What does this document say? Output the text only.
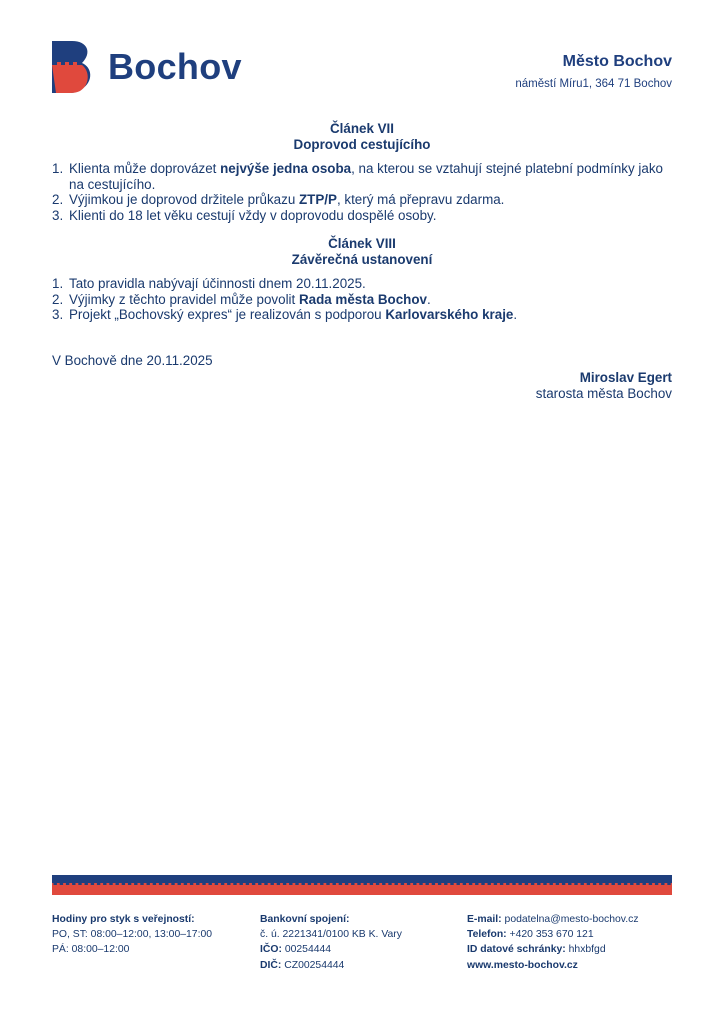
Bochov	Město Bochov
náměstí Míru1, 364 71 Bochov
Článek VII
Doprovod cestujícího
1. Klienta může doprovázet nejvýše jedna osoba, na kterou se vztahují stejné platební podmínky jako na cestujícího.
2. Výjimkou je doprovod držitele průkazu ZTP/P, který má přepravu zdarma.
3. Klienti do 18 let věku cestují vždy v doprovodu dospělé osoby.
Článek VIII
Závěrečná ustanovení
1. Tato pravidla nabývají účinnosti dnem 20.11.2025.
2. Výjimky z těchto pravidel může povolit Rada města Bochov.
3. Projekt „Bochovský expres“ je realizován s podporou Karlovarského kraje.
V Bochově dne 20.11.2025
Miroslav Egert
starosta města Bochov
Hodiny pro styk s veřejností:
PO, ST: 08:00–12:00, 13:00–17:00
PÁ: 08:00–12:00
Bankovní spojení:
č. ú. 2221341/0100 KB K. Vary
IČO: 00254444
DIČ: CZ00254444
E-mail: podatelna@mesto-bochov.cz
Telefon: +420 353 670 121
ID datové schránky: hhxbfgd
www.mesto-bochov.cz
